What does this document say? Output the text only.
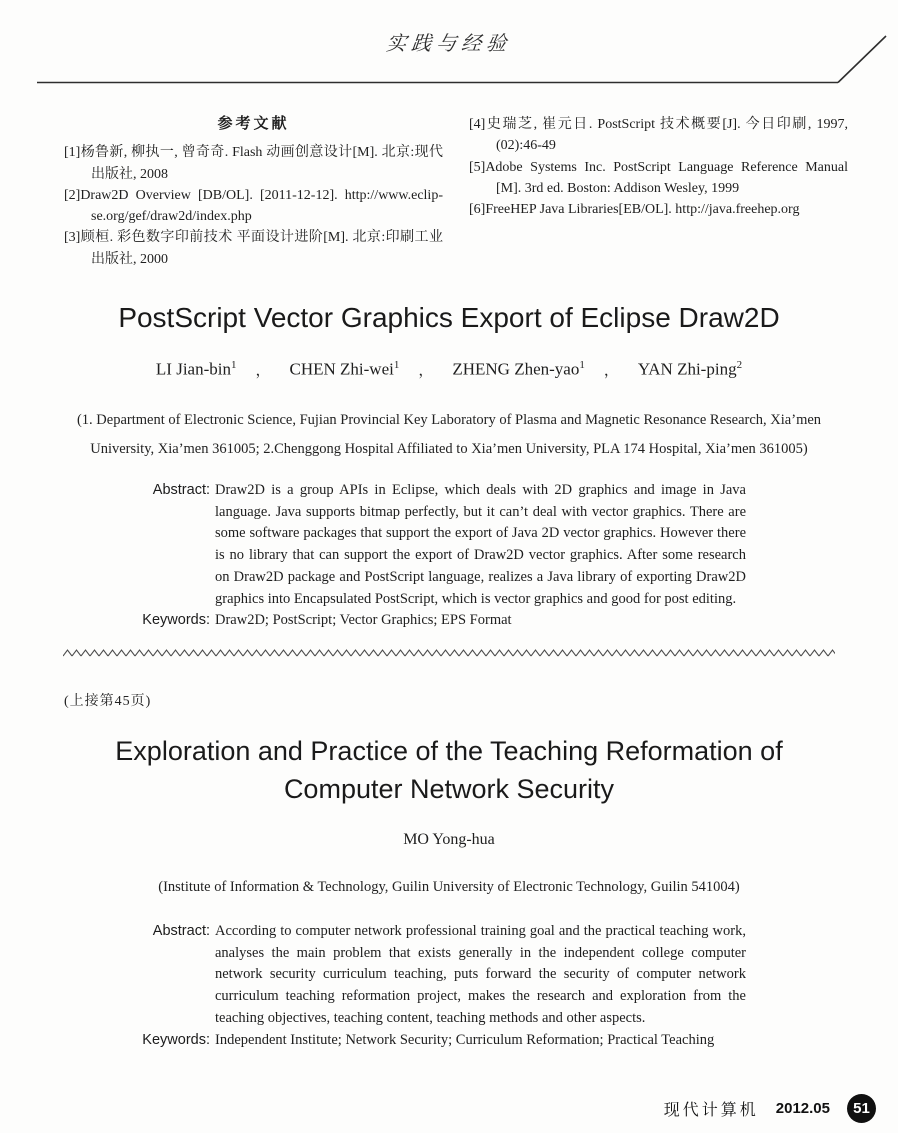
实践与经验
参考文献
[1]杨鲁新, 柳执一, 曾奇奇. Flash 动画创意设计[M]. 北京:现代出版社, 2008
[2]Draw2D Overview [DB/OL]. [2011-12-12]. http://www.eclip-se.org/gef/draw2d/index.php
[3]顾桓. 彩色数字印前技术 平面设计进阶[M]. 北京:印刷工业出版社, 2000
[4]史瑞芝, 崔元日. PostScript 技术概要[J]. 今日印刷, 1997, (02):46-49
[5]Adobe Systems Inc. PostScript Language Reference Manual [M]. 3rd ed. Boston: Addison Wesley, 1999
[6]FreeHEP Java Libraries[EB/OL]. http://java.freehep.org
PostScript Vector Graphics Export of Eclipse Draw2D
LI Jian-bin$^1$ ， CHEN Zhi-wei$^1$ ， ZHENG Zhen-yao$^1$ ， YAN Zhi-ping$^2$
(1. Department of Electronic Science, Fujian Provincial Key Laboratory of Plasma and Magnetic Resonance Research, Xia’men University, Xia’men 361005; 2.Chenggong Hospital Affiliated to Xia’men University, PLA 174 Hospital, Xia’men 361005)
Abstract: Draw2D is a group APIs in Eclipse, which deals with 2D graphics and image in Java language. Java supports bitmap perfectly, but it can’t deal with vector graphics. There are some software packages that support the export of Java 2D vector graphics. However there is no library that can support the export of Draw2D vector graphics. After some research on Draw2D package and PostScript language, realizes a Java library of exporting Draw2D graphics into Encapsulated PostScript, which is vector graphics and good for post editing.
Keywords: Draw2D; PostScript; Vector Graphics; EPS Format
(上接第45页)
Exploration and Practice of the Teaching Reformation of Computer Network Security
MO Yong-hua
(Institute of Information & Technology, Guilin University of Electronic Technology, Guilin 541004)
Abstract: According to computer network professional training goal and the practical teaching work, analyses the main problem that exists generally in the independent college computer network security curriculum teaching, puts forward the security of computer network curriculum teaching reformation project, makes the research and exploration from the teaching objectives, teaching content, teaching methods and other aspects.
Keywords: Independent Institute; Network Security; Curriculum Reformation; Practical Teaching
现代计算机 2012.05	51
